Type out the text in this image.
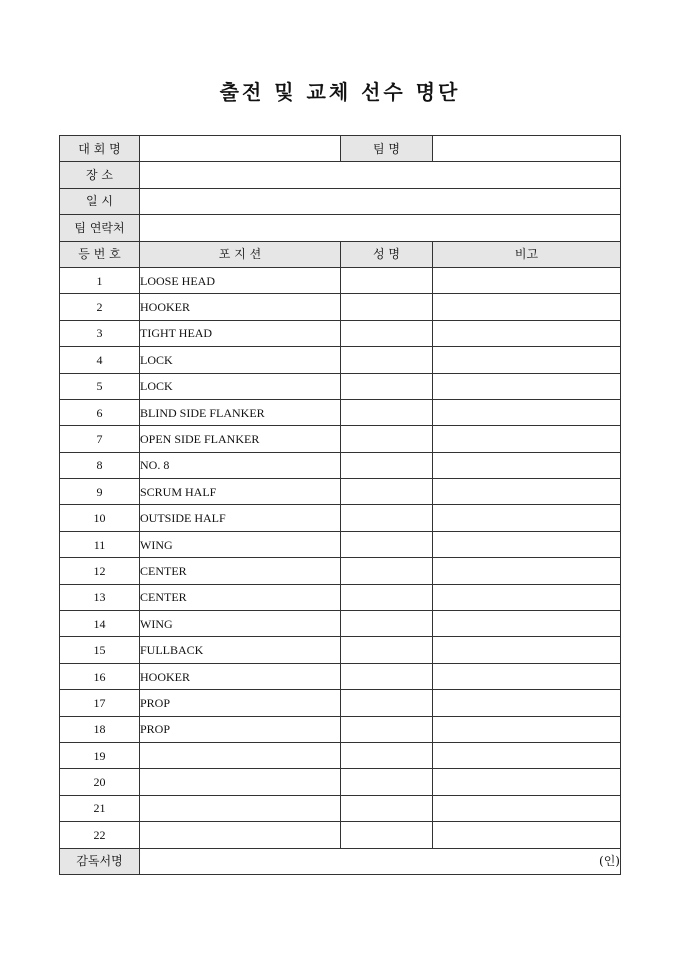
출전 및 교체 선수 명단
대 회 명		팀 명	
장 소			
일 시			
팀 연락처			
등 번 호	포 지 션	성 명	비고
1	LOOSE HEAD		
2	HOOKER		
3	TIGHT HEAD		
4	LOCK		
5	LOCK		
6	BLIND SIDE FLANKER		
7	OPEN SIDE FLANKER		
8	NO. 8		
9	SCRUM HALF		
10	OUTSIDE HALF		
11	WING		
12	CENTER		
13	CENTER		
14	WING		
15	FULLBACK		
16	HOOKER		
17	PROP		
18	PROP		
19			
20			
21			
22			
감독서명	(인)		
